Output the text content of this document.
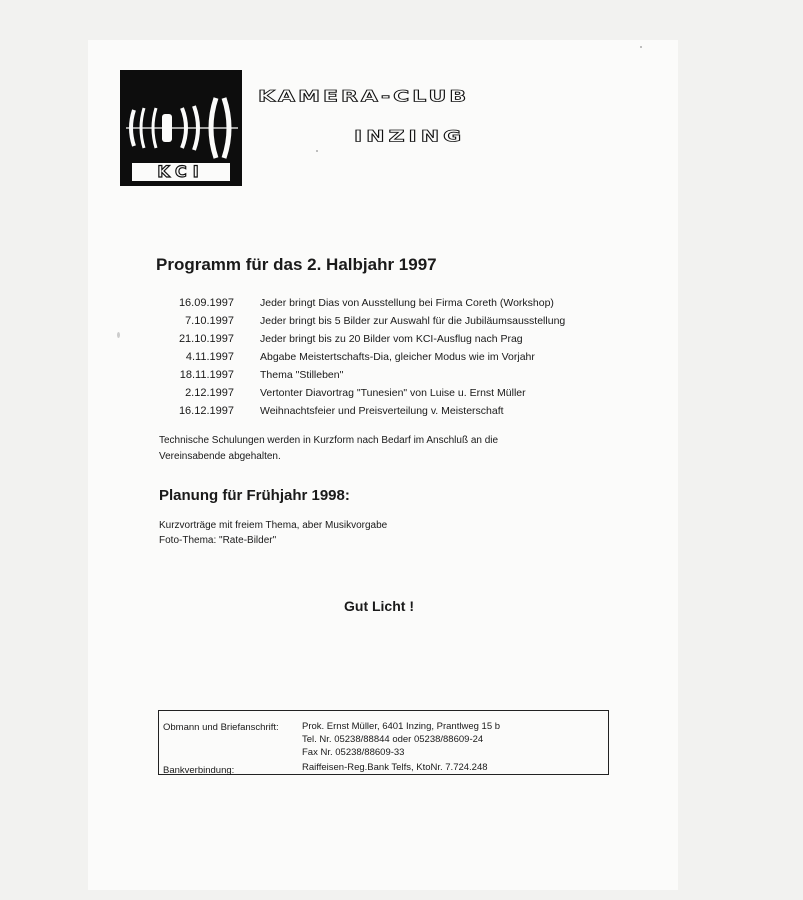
KCI
KAMERA-CLUB
INZING
Programm für das 2. Halbjahr 1997
16.09.1997	Jeder bringt Dias von Ausstellung bei Firma Coreth (Workshop)
7.10.1997	Jeder bringt bis 5 Bilder zur Auswahl für die Jubiläumsausstellung
21.10.1997	Jeder bringt bis zu 20 Bilder vom KCI-Ausflug nach Prag
4.11.1997	Abgabe Meistertschafts-Dia, gleicher Modus wie im Vorjahr
18.11.1997	Thema "Stilleben"
2.12.1997	Vertonter Diavortrag "Tunesien" von Luise u. Ernst Müller
16.12.1997	Weihnachtsfeier und Preisverteilung v. Meisterschaft
Technische Schulungen werden in Kurzform nach Bedarf im Anschluß an die
Vereinsabende abgehalten.
Planung für Frühjahr 1998:
Kurzvorträge mit freiem Thema, aber Musikvorgabe
Foto-Thema: "Rate-Bilder"
Gut Licht !
Obmann und Briefanschrift: Prok. Ernst Müller, 6401 Inzing, Prantlweg 15 b
Tel. Nr. 05238/88844 oder 05238/88609-24
Fax Nr. 05238/88609-33
Bankverbindung:	Raiffeisen-Reg.Bank Telfs, KtoNr. 7.724.248
